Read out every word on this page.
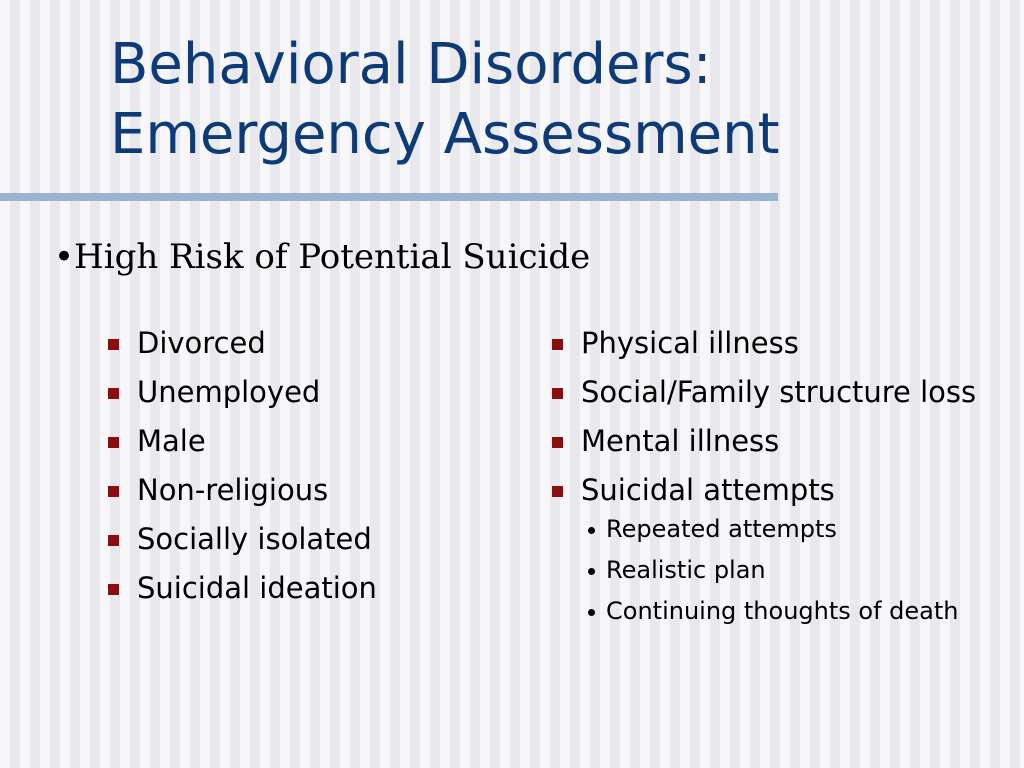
Behavioral Disorders:
Emergency Assessment
•High Risk of Potential Suicide
Divorced
Unemployed
Male
Non-religious
Socially isolated
Suicidal ideation
Physical illness
Social/Family structure loss
Mental illness
Suicidal attempts
Repeated attempts
Realistic plan
Continuing thoughts of death
